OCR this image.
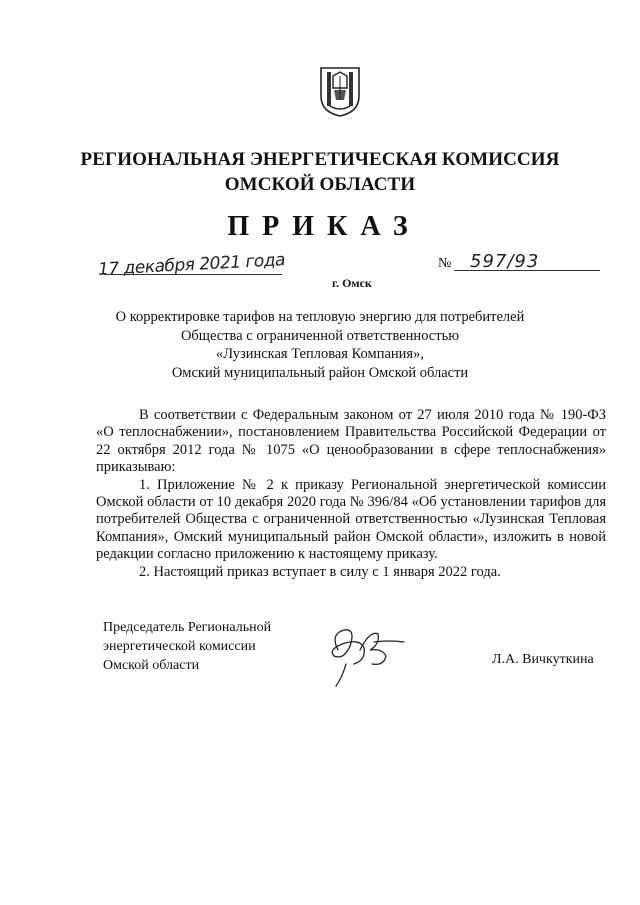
РЕГИОНАЛЬНАЯ ЭНЕРГЕТИЧЕСКАЯ КОМИССИЯ
ОМСКОЙ ОБЛАСТИ
ПРИКАЗ
17 декабря 2021 года
г. Омск
№ 597/93
О корректировке тарифов на тепловую энергию для потребителей
Общества с ограниченной ответственностью
«Лузинская Тепловая Компания»,
Омский муниципальный район Омской области
В соответствии с Федеральным законом от 27 июля 2010 года № 190-ФЗ «О теплоснабжении», постановлением Правительства Российской Федерации от 22 октября 2012 года № 1075 «О ценообразовании в сфере теплоснабжения» приказываю:
1. Приложение № 2 к приказу Региональной энергетической комиссии Омской области от 10 декабря 2020 года № 396/84 «Об установлении тарифов для потребителей Общества с ограниченной ответственностью «Лузинская Тепловая Компания», Омский муниципальный район Омской области», изложить в новой редакции согласно приложению к настоящему приказу.
2. Настоящий приказ вступает в силу с 1 января 2022 года.
Председатель Региональной
энергетической комиссии
Омской области	Л.А. Вичкуткина
